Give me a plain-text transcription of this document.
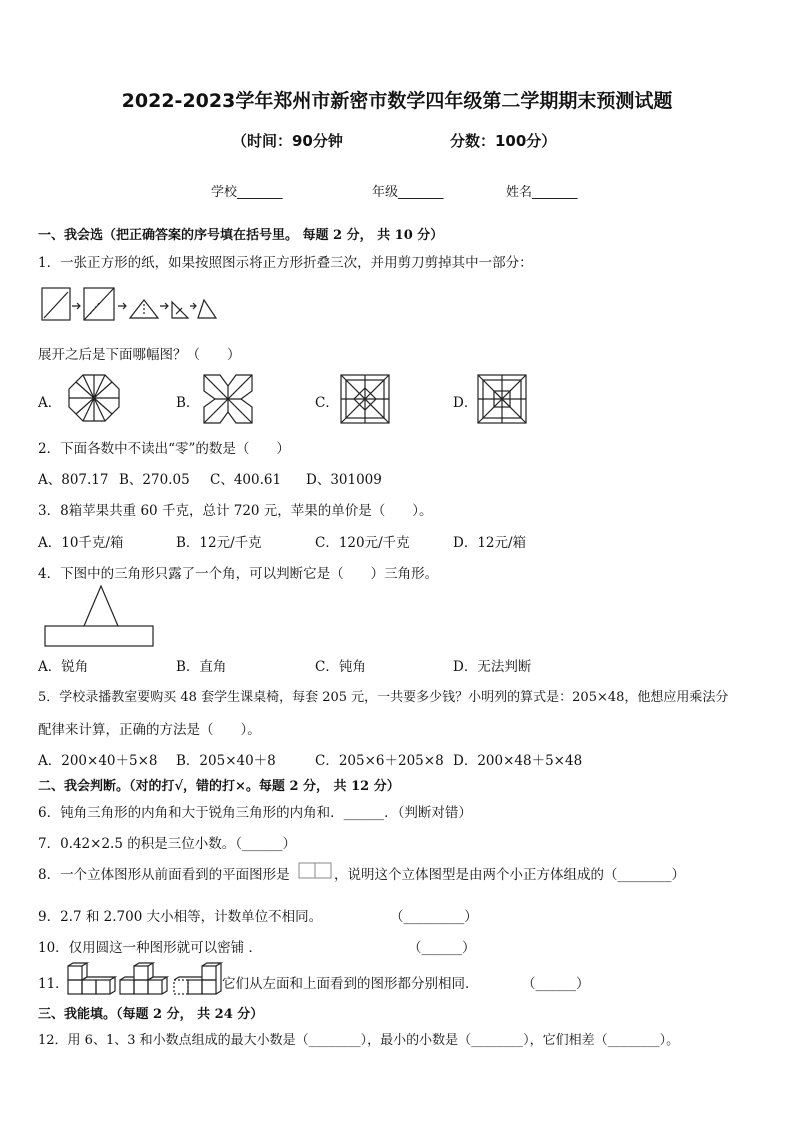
2022-2023学年郑州市新密市数学四年级第二学期期末预测试题
（时间：90分钟	分数：100分）
学校_______	年级_______	姓名_______
一、我会选（把正确答案的序号填在括号里。 每题 2 分， 共 10 分）
1．一张正方形的纸，如果按照图示将正方形折叠三次，并用剪刀剪掉其中一部分：
展开之后是下面哪幅图？（　　）
A．	B．	C．	D．
2．下面各数中不读出“零”的数是（　　）
A、807.17 B、270.05 C、400.61 D、301009
3．8箱苹果共重 60 千克，总计 720 元，苹果的单价是（　　）。
A．10千克/箱	B．12元/千克	C．120元/千克	D．12元/箱
4．下图中的三角形只露了一个角，可以判断它是（　　）三角形。
A．锐角	B．直角	C．钝角	D．无法判断
5．学校录播教室要购买 48 套学生课桌椅，每套 205 元，一共要多少钱？小明列的算式是：205×48，他想应用乘法分
配律来计算，正确的方法是（　　）。
A．200×40＋5×8 B．205×40＋8	C．205×6＋205×8 D．200×48＋5×48
二、我会判断。（对的打√，错的打×。每题 2 分， 共 12 分）
6．钝角三角形的内角和大于锐角三角形的内角和．______．（判断对错）
7．0.42×2.5 的积是三位小数。（______）
8．一个立体图形从前面看到的平面图形是	，说明这个立体图型是由两个小正方体组成的（________）
9．2.7 和 2.700 大小相等，计数单位不相同。	（_________）
10．仅用圆这一种图形就可以密铺 ．	（______）
11．	它们从左面和上面看到的图形都分别相同．	（______）
三、我能填。（每题 2 分， 共 24 分）
12．用 6、1、3 和小数点组成的最大小数是（________），最小的小数是（________），它们相差（________）。
